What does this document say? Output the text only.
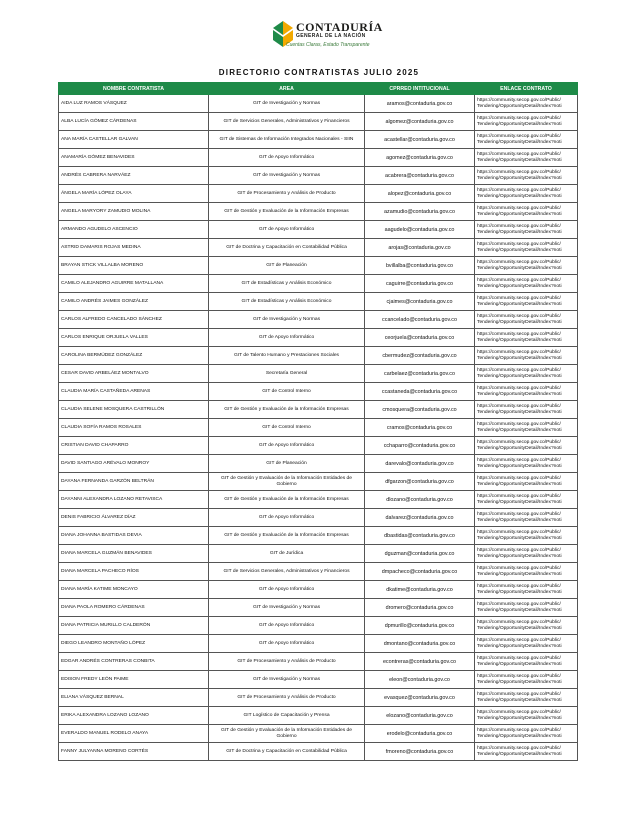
CONTADURÍA
GENERAL DE LA NACIÓN
Cuentas Claras, Estado Transparente
DIRECTORIO CONTRATISTAS JULIO 2025
NOMBRE CONTRATISTA	AREA	CPRREO INTITUCIONAL	ENLACE CONTRATO
AIDA LUZ RAMOS VÁSQUEZ	GIT de Investigación y Normas	aramos@contaduria.gov.co	https://community.secop.gov.co/Public/
Tendering/OpportunityDetail/Index?noti

ALBA LUCÍA GÓMEZ CÁRDENAS	GIT de Servicios Generales, Administrativos y Financieros	algomez@contaduria.gov.co	https://community.secop.gov.co/Public/
Tendering/OpportunityDetail/Index?noti

ANA MARÍA CASTELLAR GALVAN	GIT de Sistemas de Información Integrados Nacionales - SIIN	acastellar@contaduria.gov.co	https://community.secop.gov.co/Public/
Tendering/OpportunityDetail/Index?noti

ANAMARÍA GÓMEZ BENAVIDES	GIT de Apoyo Informático	agomez@contaduria.gov.co	https://community.secop.gov.co/Public/
Tendering/OpportunityDetail/Index?noti

ANDRÉS CABRERA NARVÁEZ	GIT de Investigación y Normas	acabrera@contaduria.gov.co	https://community.secop.gov.co/Public/
Tendering/OpportunityDetail/Index?noti

ÁNGELA MARÍA LÓPEZ OLAYA	GIT de Procesamiento y Análisis de Producto	alopez@contaduria.gov.co	https://community.secop.gov.co/Public/
Tendering/OpportunityDetail/Index?noti

ANGELA MARYORY ZAMUDIO MOLINA	GIT de Gestión y Evaluación de la Información Empresas	azamudio@contaduria.gov.co	https://community.secop.gov.co/Public/
Tendering/OpportunityDetail/Index?noti

ARMANDO AGUDELO ASCENCIO	GIT de Apoyo Informático	aagudelo@contaduria.gov.co	https://community.secop.gov.co/Public/
Tendering/OpportunityDetail/Index?noti

ASTRID DAMARIS ROJAS MEDINA	GIT de Doctrina y Capacitación en Contabilidad Pública	arojas@contaduria.gov.co	https://community.secop.gov.co/Public/
Tendering/OpportunityDetail/Index?noti

BRAYAN STICK VILLALBA MORENO	GIT de Planeación	bvillalba@contaduria.gov.co	https://community.secop.gov.co/Public/
Tendering/OpportunityDetail/Index?noti

CAMILO ALEJANDRO AGUIRRE MATALLANA	GIT de Estadísticas y Análisis Económico	caguirre@contaduria.gov.co	https://community.secop.gov.co/Public/
Tendering/OpportunityDetail/Index?noti

CAMILO ANDRÉS JAIMES GONZÁLEZ	GIT de Estadísticas y Análisis Económico	cjaimes@contaduria.gov.co	https://community.secop.gov.co/Public/
Tendering/OpportunityDetail/Index?noti

CARLOS ALFREDO CANCELADO SÁNCHEZ	GIT de Investigación y Normas	ccancelado@contaduria.gov.co	https://community.secop.gov.co/Public/
Tendering/OpportunityDetail/Index?noti

CARLOS ENRIQUE ORJUELA VALLES	GIT de Apoyo Informático	ceorjuela@contaduria.gov.co	https://community.secop.gov.co/Public/
Tendering/OpportunityDetail/Index?noti

CAROLINA BERMÚDEZ GONZÁLEZ	GIT de Talento Humano y Prestaciones Sociales	cbermudez@contaduria.gov.co	https://community.secop.gov.co/Public/
Tendering/OpportunityDetail/Index?noti

CESAR DAVID ARBELÁEZ MONTALVO	Secretaría General	carbelaez@contaduria.gov.co	https://community.secop.gov.co/Public/
Tendering/OpportunityDetail/Index?noti

CLAUDIA MARÍA CASTAÑEDA ARENAS	GIT de Control Interno	ccastaneda@contaduria.gov.co	https://community.secop.gov.co/Public/
Tendering/OpportunityDetail/Index?noti

CLAUDIA SELENE MOSQUERA CASTRILLÓN	GIT de Gestión y Evaluación de la Información Empresas	cmosquera@contaduria.gov.co	https://community.secop.gov.co/Public/
Tendering/OpportunityDetail/Index?noti

CLAUDIA SOFÍA RAMOS ROSALES	GIT de Control Interno	cramos@contaduria.gov.co	https://community.secop.gov.co/Public/
Tendering/OpportunityDetail/Index?noti

CRISTIAN DAVID CHAPARRO	GIT de Apoyo Informático	cchaparro@contaduria.gov.co	https://community.secop.gov.co/Public/
Tendering/OpportunityDetail/Index?noti

DAVID SANTIAGO ARÉVALO MONROY	GIT de Planeación	darevalo@contaduria.gov.co	https://community.secop.gov.co/Public/
Tendering/OpportunityDetail/Index?noti

DAYANA FERNANDA GARZÓN BELTRÁN	GIT de Gestión y Evaluación de la Información Entidades de Gobierno	dfgarzon@contaduria.gov.co	https://community.secop.gov.co/Public/
Tendering/OpportunityDetail/Index?noti

DAYANNI ALEXANDRA LOZANO RETAVISCA	GIT de Gestión y Evaluación de la Información Empresas	dlozano@contaduria.gov.co	https://community.secop.gov.co/Public/
Tendering/OpportunityDetail/Index?noti

DENIS FABRICIO ÁLVAREZ DÍAZ	GIT de Apoyo Informático	dalvarez@contaduria.gov.co	https://community.secop.gov.co/Public/
Tendering/OpportunityDetail/Index?noti

DIANA JOHANNA BASTIDAS DEVIA	GIT de Gestión y Evaluación de la Información Empresas	dbastidas@contaduria.gov.co	https://community.secop.gov.co/Public/
Tendering/OpportunityDetail/Index?noti

DIANA MARCELA GUZMÁN BENAVIDES	GIT de Jurídica	dguzman@contaduria.gov.co	https://community.secop.gov.co/Public/
Tendering/OpportunityDetail/Index?noti

DIANA MARCELA PACHECO RÍOS	GIT de Servicios Generales, Administrativos y Financieros	dmpacheco@contaduria.gov.co	https://community.secop.gov.co/Public/
Tendering/OpportunityDetail/Index?noti

DIANA MARÍA KATIME MONCAYO	GIT de Apoyo Informático	dkatime@contaduria.gov.co	https://community.secop.gov.co/Public/
Tendering/OpportunityDetail/Index?noti

DIANA PAOLA ROMERO CÁRDENAS	GIT de Investigación y Normas	dromero@contaduria.gov.co	https://community.secop.gov.co/Public/
Tendering/OpportunityDetail/Index?noti

DIANA PATRICIA MURILLO CALDERÓN	GIT de Apoyo Informático	dpmurillo@contaduria.gov.co	https://community.secop.gov.co/Public/
Tendering/OpportunityDetail/Index?noti

DIEGO LEANDRO MONTAÑO LÓPEZ	GIT de Apoyo Informático	dmontano@contaduria.gov.co	https://community.secop.gov.co/Public/
Tendering/OpportunityDetail/Index?noti

EDGAR ANDRÉS CONTRERAS CONBITA	GIT de Procesamiento y Análisis de Producto	econtreras@contaduria.gov.co	https://community.secop.gov.co/Public/
Tendering/OpportunityDetail/Index?noti

EDISON FREDY LEÓN PAIME	GIT de Investigación y Normas	eleon@contaduria.gov.co	https://community.secop.gov.co/Public/
Tendering/OpportunityDetail/Index?noti

ELIANA VÁSQUEZ BERNAL	GIT de Procesamiento y Análisis de Producto	evasquez@contaduria.gov.co	https://community.secop.gov.co/Public/
Tendering/OpportunityDetail/Index?noti

ERIKA ALEXANDRA LOZANO LOZANO	GIT Logístico de Capacitación y Prensa	elozano@contaduria.gov.co	https://community.secop.gov.co/Public/
Tendering/OpportunityDetail/Index?noti

EVERALDO MANUEL RODELO ANAYA	GIT de Gestión y Evaluación de la Información Entidades de Gobierno	erodelo@contaduria.gov.co	https://community.secop.gov.co/Public/
Tendering/OpportunityDetail/Index?noti

FANNY JULYANNA MORENO CORTÉS	GIT de Doctrina y Capacitación en Contabilidad Pública	fmoreno@contaduria.gov.co	https://community.secop.gov.co/Public/
Tendering/OpportunityDetail/Index?noti
